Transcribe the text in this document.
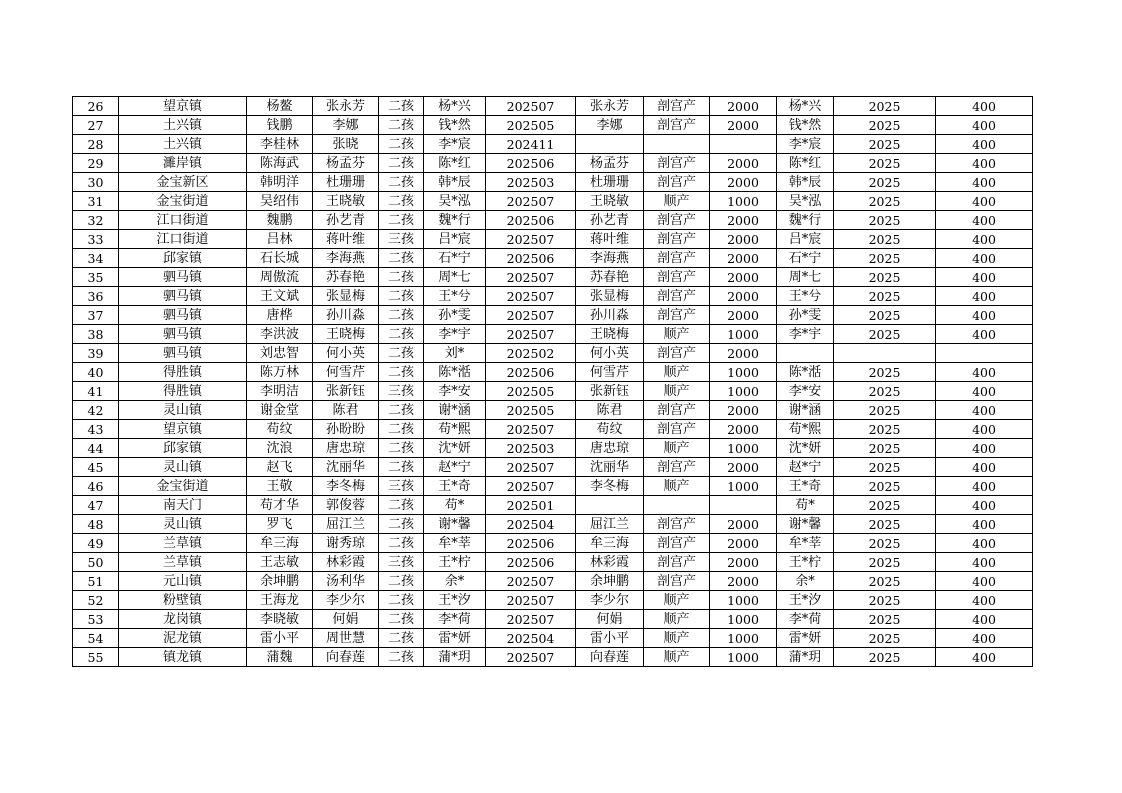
26	望京镇	杨鳌	张永芳	二孩	杨*兴	202507	张永芳	剖宫产	2000	杨*兴	2025	400
27	土兴镇	钱鹏	李娜	二孩	钱*然	202505	李娜	剖宫产	2000	钱*然	2025	400
28	土兴镇	李桂林	张晓	二孩	李*宸	202411				李*宸	2025	400
29	濉岸镇	陈海武	杨孟芬	二孩	陈*红	202506	杨孟芬	剖宫产	2000	陈*红	2025	400
30	金宝新区	韩明洋	杜珊珊	二孩	韩*辰	202503	杜珊珊	剖宫产	2000	韩*辰	2025	400
31	金宝街道	吴绍伟	王晓敏	二孩	吴*泓	202507	王晓敏	顺产	1000	吴*泓	2025	400
32	江口街道	魏鹏	孙艺青	二孩	魏*行	202506	孙艺青	剖宫产	2000	魏*行	2025	400
33	江口街道	吕林	蒋叶维	三孩	吕*宸	202507	蒋叶维	剖宫产	2000	吕*宸	2025	400
34	邱家镇	石长城	李海燕	二孩	石*宁	202506	李海燕	剖宫产	2000	石*宁	2025	400
35	驷马镇	周傲流	苏春艳	二孩	周*七	202507	苏春艳	剖宫产	2000	周*七	2025	400
36	驷马镇	王文斌	张显梅	二孩	王*兮	202507	张显梅	剖宫产	2000	王*兮	2025	400
37	驷马镇	唐桦	孙川淼	二孩	孙*雯	202507	孙川淼	剖宫产	2000	孙*雯	2025	400
38	驷马镇	李洪波	王晓梅	二孩	李*宇	202507	王晓梅	顺产	1000	李*宇	2025	400
39	驷马镇	刘忠智	何小英	二孩	刘*	202502	何小英	剖宫产	2000			
40	得胜镇	陈万林	何雪芹	二孩	陈*湉	202506	何雪芹	顺产	1000	陈*湉	2025	400
41	得胜镇	李明洁	张新钰	三孩	李*安	202505	张新钰	顺产	1000	李*安	2025	400
42	灵山镇	谢金堂	陈君	二孩	谢*涵	202505	陈君	剖宫产	2000	谢*涵	2025	400
43	望京镇	苟纹	孙盼盼	二孩	苟*熙	202507	苟纹	剖宫产	2000	苟*熙	2025	400
44	邱家镇	沈浪	唐忠琼	二孩	沈*妍	202503	唐忠琼	顺产	1000	沈*妍	2025	400
45	灵山镇	赵飞	沈丽华	二孩	赵*宁	202507	沈丽华	剖宫产	2000	赵*宁	2025	400
46	金宝街道	王敬	李冬梅	三孩	王*奇	202507	李冬梅	顺产	1000	王*奇	2025	400
47	南天门	苟才华	郭俊蓉	二孩	苟*	202501				苟*	2025	400
48	灵山镇	罗飞	屈江兰	二孩	谢*馨	202504	屈江兰	剖宫产	2000	谢*馨	2025	400
49	兰草镇	牟三海	谢秀琼	二孩	牟*莘	202506	牟三海	剖宫产	2000	牟*莘	2025	400
50	兰草镇	王志敏	林彩霞	三孩	王*柠	202506	林彩霞	剖宫产	2000	王*柠	2025	400
51	元山镇	余坤鹏	汤利华	二孩	余*	202507	余坤鹏	剖宫产	2000	余*	2025	400
52	粉壁镇	王海龙	李少尔	二孩	王*汐	202507	李少尔	顺产	1000	王*汐	2025	400
53	龙岗镇	李晓敏	何娟	二孩	李*荷	202507	何娟	顺产	1000	李*荷	2025	400
54	泥龙镇	雷小平	周世慧	二孩	雷*妍	202504	雷小平	顺产	1000	雷*妍	2025	400
55	镇龙镇	蒲魏	向春莲	二孩	蒲*玥	202507	向春莲	顺产	1000	蒲*玥	2025	400
